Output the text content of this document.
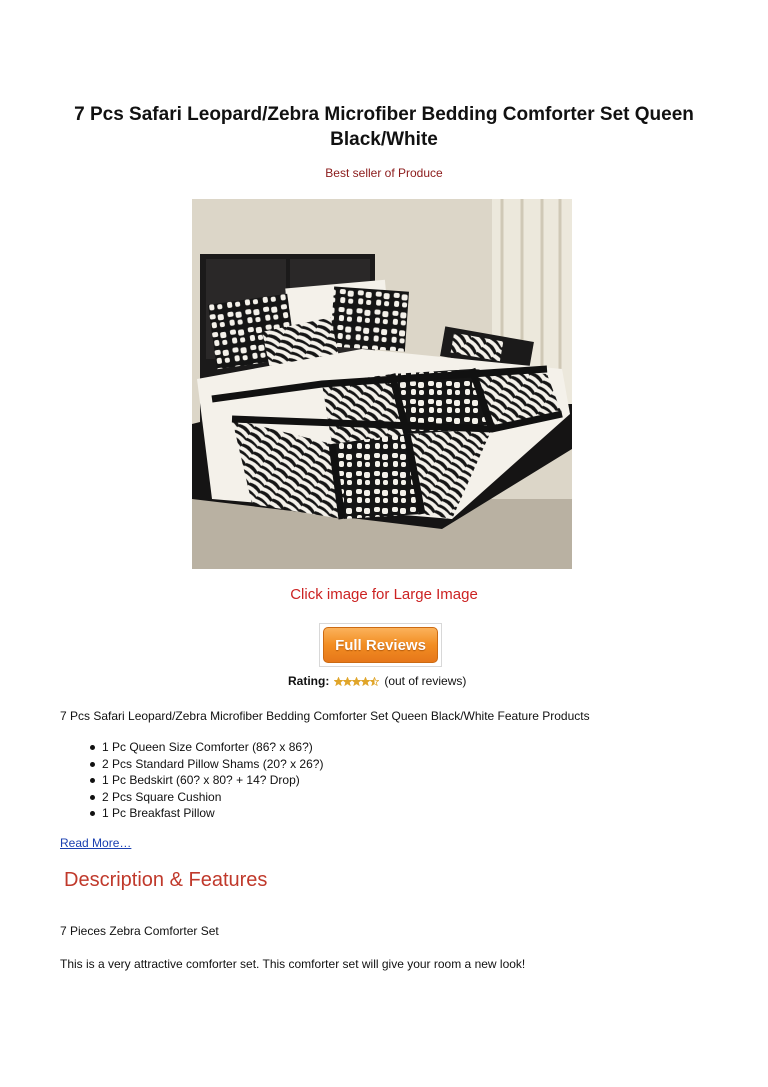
7 Pcs Safari Leopard/Zebra Microfiber Bedding Comforter Set Queen Black/White
Best seller of Produce
Click image for Large Image
Full Reviews
Rating:	(out of reviews)
7 Pcs Safari Leopard/Zebra Microfiber Bedding Comforter Set Queen Black/White Feature Products
1 Pc Queen Size Comforter (86? x 86?)
2 Pcs Standard Pillow Shams (20? x 26?)
1 Pc Bedskirt (60? x 80? + 14? Drop)
2 Pcs Square Cushion
1 Pc Breakfast Pillow
Read More…
Description & Features
7 Pieces Zebra Comforter Set
This is a very attractive comforter set. This comforter set will give your room a new look!
